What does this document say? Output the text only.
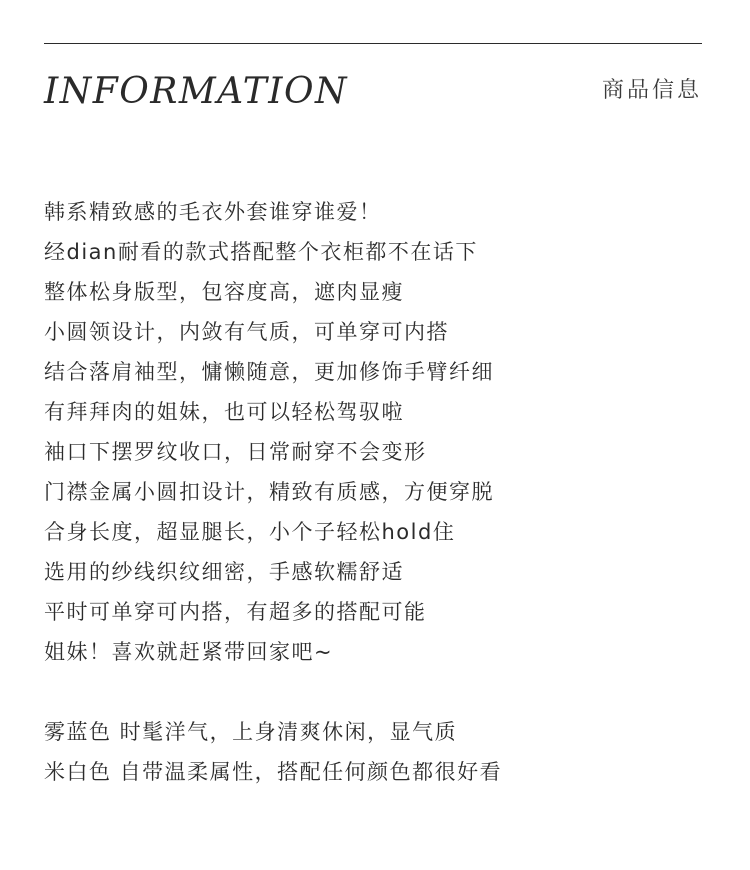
INFORMATION	商品信息
韩系精致感的毛衣外套谁穿谁爱！
经dian耐看的款式搭配整个衣柜都不在话下
整体松身版型，包容度高，遮肉显瘦
小圆领设计，内敛有气质，可单穿可内搭
结合落肩袖型，慵懒随意，更加修饰手臂纤细
有拜拜肉的姐妹，也可以轻松驾驭啦
袖口下摆罗纹收口，日常耐穿不会变形
门襟金属小圆扣设计，精致有质感，方便穿脱
合身长度，超显腿长，小个子轻松hold住
选用的纱线织纹细密，手感软糯舒适
平时可单穿可内搭，有超多的搭配可能
姐妹！喜欢就赶紧带回家吧~
雾蓝色 时髦洋气，上身清爽休闲，显气质
米白色 自带温柔属性，搭配任何颜色都很好看
